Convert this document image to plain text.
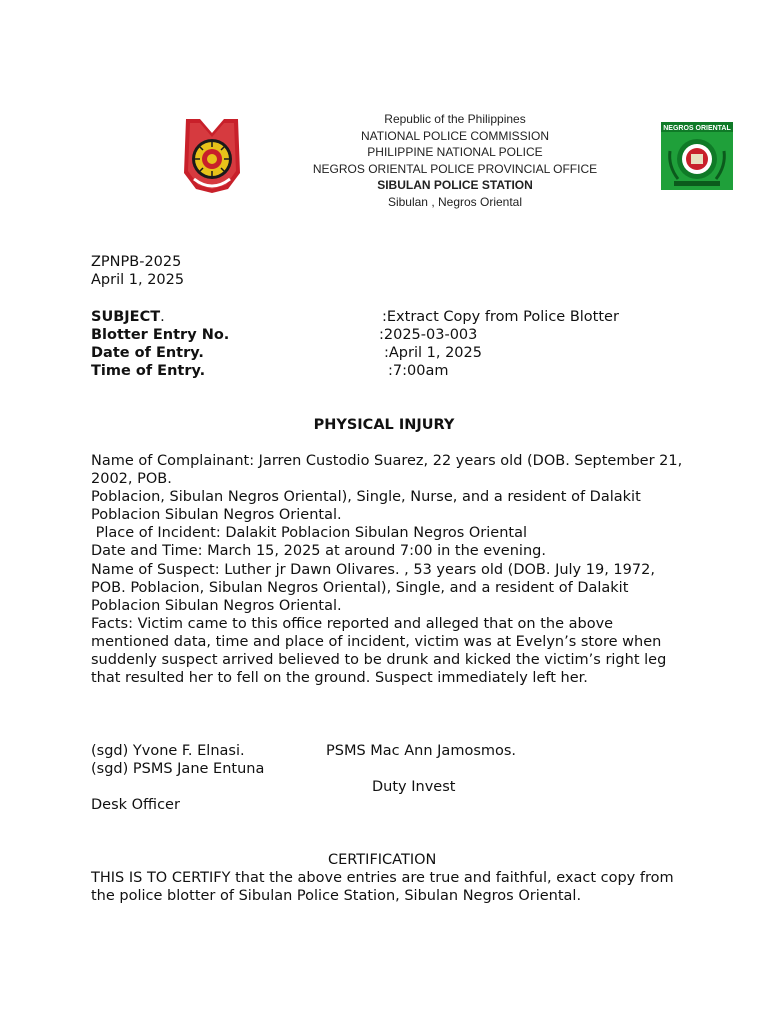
Republic of the Philippines
NATIONAL POLICE COMMISSION
PHILIPPINE NATIONAL POLICE
NEGROS ORIENTAL POLICE PROVINCIAL OFFICE
SIBULAN POLICE STATION
Sibulan , Negros Oriental
NEGROS ORIENTAL
ZPNPB-2025
April 1, 2025
SUBJECT.	:Extract Copy from Police Blotter
Blotter Entry No.	:2025-03-003
Date of Entry.	:April 1, 2025
Time of Entry.	:7:00am
PHYSICAL INJURY
Name of Complainant: Jarren Custodio Suarez, 22 years old (DOB. September 21, 2002, POB.
Poblacion, Sibulan Negros Oriental), Single, Nurse, and a resident of Dalakit Poblacion Sibulan Negros Oriental.
Place of Incident: Dalakit Poblacion Sibulan Negros Oriental
Date and Time: March 15, 2025 at around 7:00 in the evening.
Name of Suspect: Luther jr Dawn Olivares. , 53 years old (DOB. July 19, 1972, POB. Poblacion, Sibulan Negros Oriental), Single, and a resident of Dalakit Poblacion Sibulan Negros Oriental.
Facts: Victim came to this office reported and alleged that on the above mentioned data, time and place of incident, victim was at Evelyn’s store when suddenly suspect arrived believed to be drunk and kicked the victim’s right leg that resulted her to fell on the ground. Suspect immediately left her.
(sgd) Yvone F. Elnasi.	PSMS Mac Ann Jamosmos.
(sgd) PSMS Jane Entuna
Duty Invest
Desk Officer
CERTIFICATION
THIS IS TO CERTIFY that the above entries are true and faithful, exact copy from the police blotter of Sibulan Police Station, Sibulan Negros Oriental.
